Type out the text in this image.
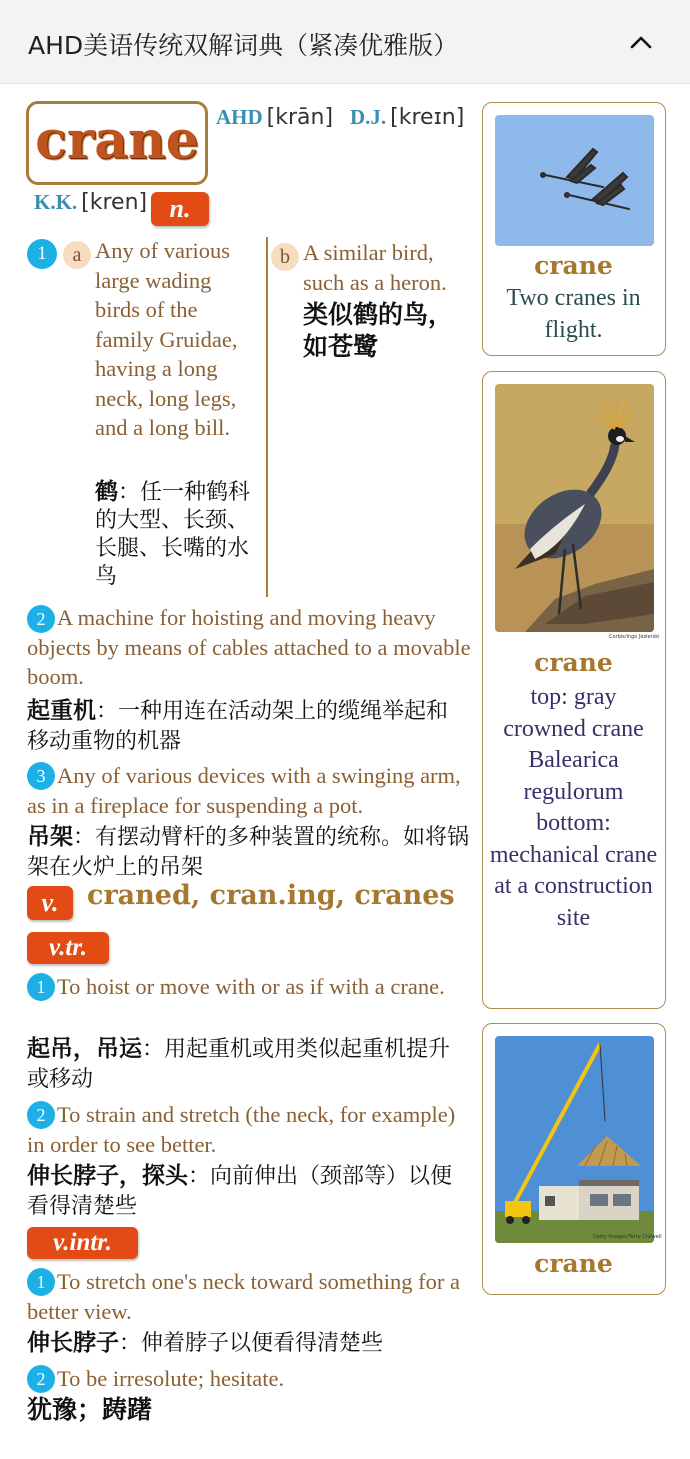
AHD美语传统双解词典（紧凑优雅版）
crane AHD [krān] D.J. [kreɪn]
K.K. [kren] n.
1	a Any of various large wading birds of the family Gruidae, having a long neck, long legs, and a long bill.
鹤：任一种鹤科的大型、长颈、长腿、长嘴的水鸟
b A similar bird, such as a heron.
类似鹤的鸟，如苍鹭
2 A machine for hoisting and moving heavy objects by means of cables attached to a movable boom.
起重机：一种用连在活动架上的缆绳举起和移动重物的机器
3 Any of various devices with a swinging arm, as in a fireplace for suspending a pot.
吊架：有摆动臂杆的多种装置的统称。如将锅架在火炉上的吊架
v.	craned, cran.ing, cranes
v.tr.
1 To hoist or move with or as if with a crane.
起吊，吊运：用起重机或用类似起重机提升或移动
2 To strain and stretch (the neck, for example) in order to see better.
伸长脖子，探头：向前伸出（颈部等）以便看得清楚些
v.intr.
1 To stretch one's neck toward something for a better view.
伸长脖子：伸着脖子以便看得清楚些
2 To be irresolute; hesitate.
犹豫；踌躇
crane
Two cranes in flight.
Corbis/Ingo Jezierski
crane
top: gray crowned crane Balearica regulorum bottom: mechanical crane at a construction site
Getty Images/Terry Chilwell
crane
